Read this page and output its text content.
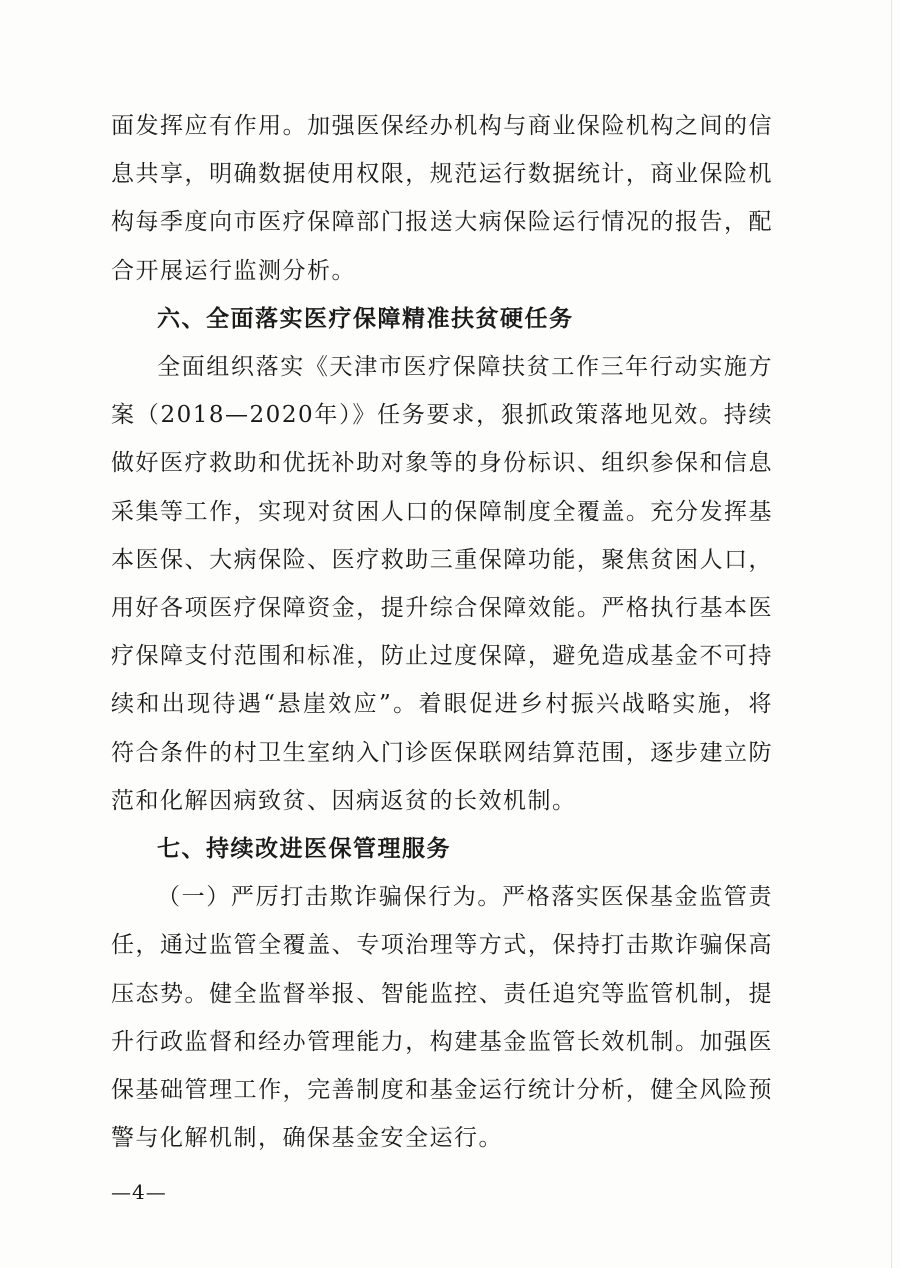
面发挥应有作用。加强医保经办机构与商业保险机构之间的信息共享，明确数据使用权限，规范运行数据统计，商业保险机构每季度向市医疗保障部门报送大病保险运行情况的报告，配合开展运行监测分析。

六、全面落实医疗保障精准扶贫硬任务

全面组织落实《天津市医疗保障扶贫工作三年行动实施方案（2018—2020年）》任务要求，狠抓政策落地见效。持续做好医疗救助和优抚补助对象等的身份标识、组织参保和信息采集等工作，实现对贫困人口的保障制度全覆盖。充分发挥基本医保、大病保险、医疗救助三重保障功能，聚焦贫困人口，用好各项医疗保障资金，提升综合保障效能。严格执行基本医疗保障支付范围和标准，防止过度保障，避免造成基金不可持续和出现待遇“悬崖效应”。着眼促进乡村振兴战略实施，将符合条件的村卫生室纳入门诊医保联网结算范围，逐步建立防范和化解因病致贫、因病返贫的长效机制。

七、持续改进医保管理服务

（一）严厉打击欺诈骗保行为。严格落实医保基金监管责任，通过监管全覆盖、专项治理等方式，保持打击欺诈骗保高压态势。健全监督举报、智能监控、责任追究等监管机制，提升行政监督和经办管理能力，构建基金监管长效机制。加强医保基础管理工作，完善制度和基金运行统计分析，健全风险预警与化解机制，确保基金安全运行。

—4—
